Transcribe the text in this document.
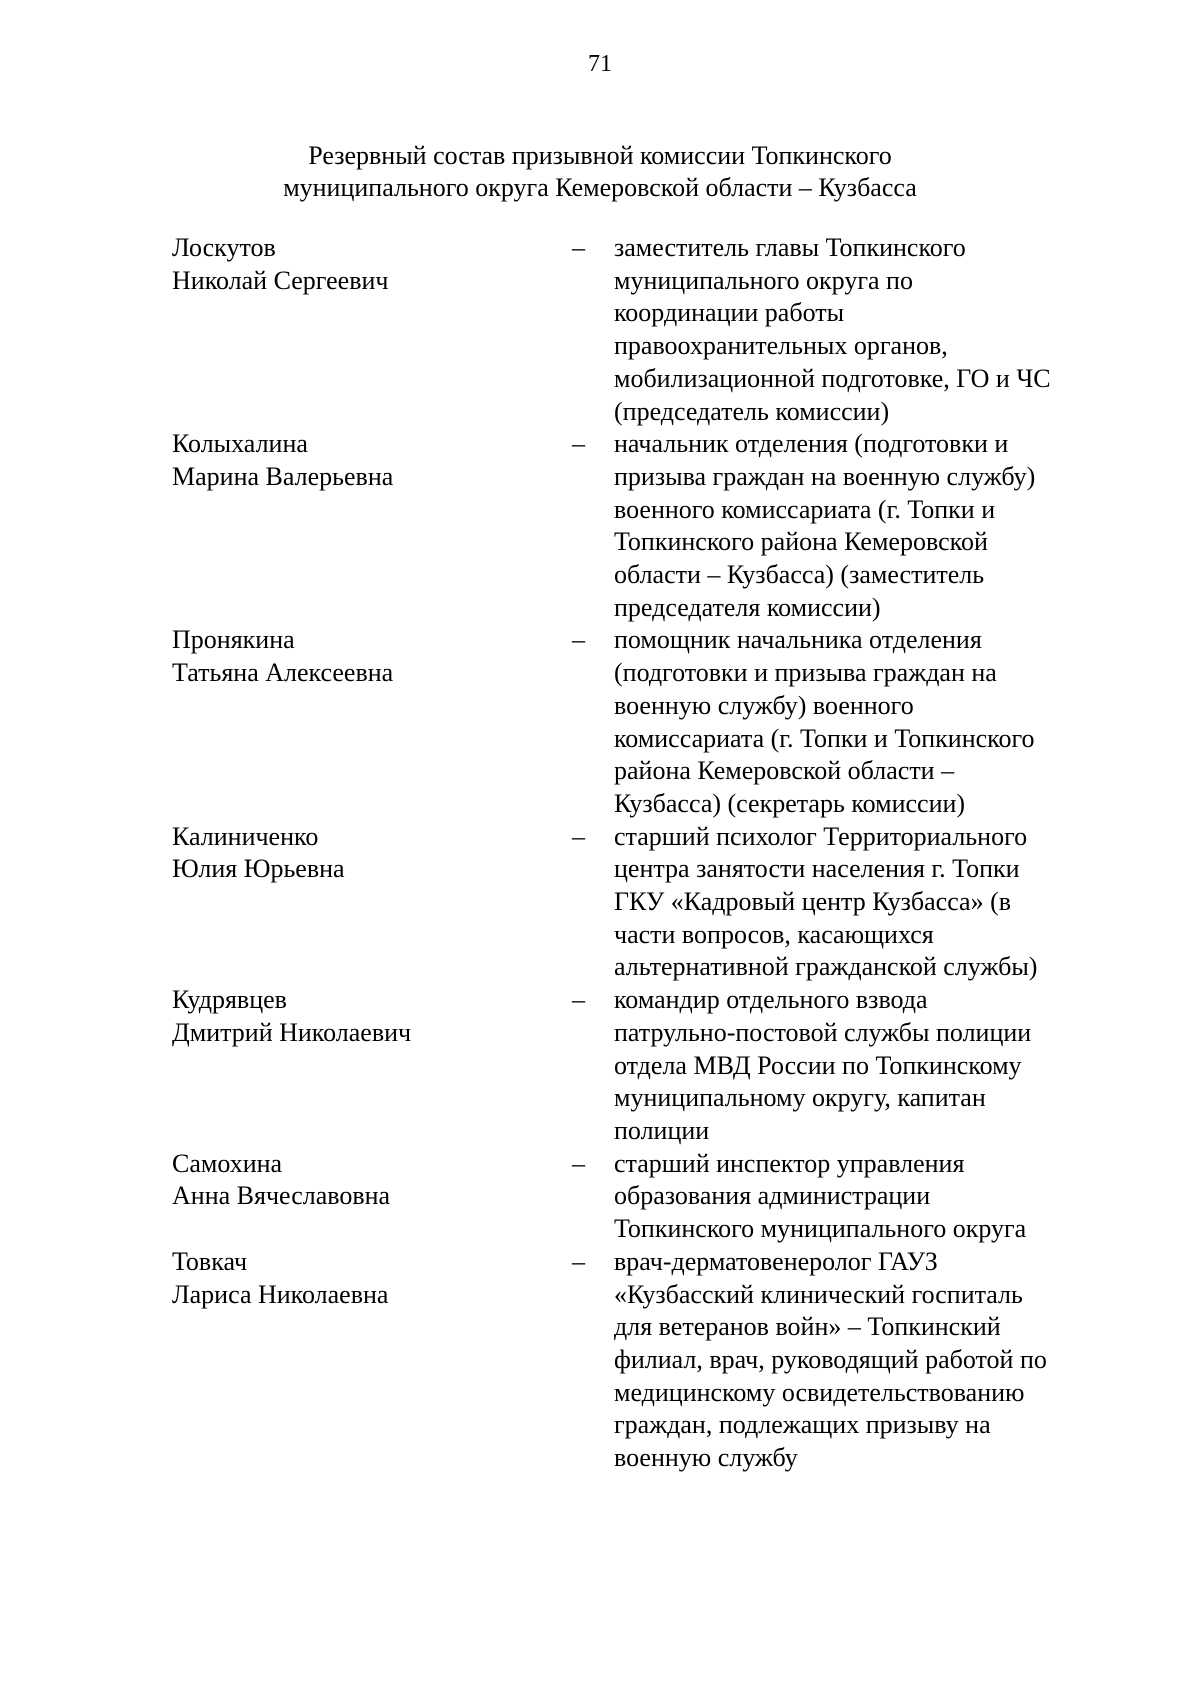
71
Резервный состав призывной комиссии Топкинского
муниципального округа Кемеровской области – Кузбасса
Лоскутов
Николай Сергеевич
–	заместитель главы Топкинского
муниципального округа по
координации работы
правоохранительных органов,
мобилизационной подготовке, ГО и ЧС
(председатель комиссии)
Колыхалина
Марина Валерьевна
–	начальник отделения (подготовки и
призыва граждан на военную службу)
военного комиссариата (г. Топки и
Топкинского района Кемеровской
области – Кузбасса) (заместитель
председателя комиссии)
Пронякина
Татьяна Алексеевна
–	помощник начальника отделения
(подготовки и призыва граждан на
военную службу) военного
комиссариата (г. Топки и Топкинского
района Кемеровской области –
Кузбасса) (секретарь комиссии)
Калиниченко
Юлия Юрьевна
–	старший психолог Территориального
центра занятости населения г. Топки
ГКУ «Кадровый центр Кузбасса» (в
части вопросов, касающихся
альтернативной гражданской службы)
Кудрявцев
Дмитрий Николаевич
–	командир отдельного взвода
патрульно-постовой службы полиции
отдела МВД России по Топкинскому
муниципальному округу, капитан
полиции
Самохина
Анна Вячеславовна
–	старший инспектор управления
образования администрации
Топкинского муниципального округа
Товкач
Лариса Николаевна
–	врач-дерматовенеролог ГАУЗ
«Кузбасский клинический госпиталь
для ветеранов войн» – Топкинский
филиал, врач, руководящий работой по
медицинскому освидетельствованию
граждан, подлежащих призыву на
военную службу
